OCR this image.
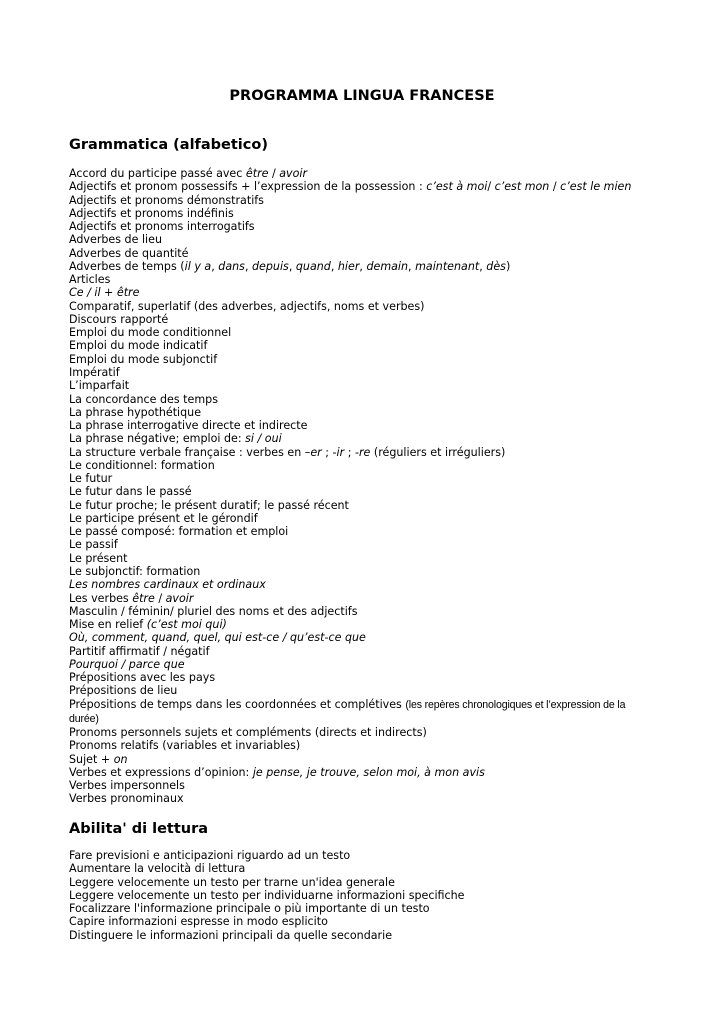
PROGRAMMA LINGUA FRANCESE
Grammatica (alfabetico)
Accord du participe passé avec être / avoir
Adjectifs et pronom possessifs + l’expression de la possession : c’est à moi/ c’est mon / c’est le mien
Adjectifs et pronoms démonstratifs
Adjectifs et pronoms indéfinis
Adjectifs et pronoms interrogatifs
Adverbes de lieu
Adverbes de quantité
Adverbes de temps (il y a, dans, depuis, quand, hier, demain, maintenant, dès)
Articles
Ce / il + être
Comparatif, superlatif (des adverbes, adjectifs, noms et verbes)
Discours rapporté
Emploi du mode conditionnel
Emploi du mode indicatif
Emploi du mode subjonctif
Impératif
L’imparfait
La concordance des temps
La phrase hypothétique
La phrase interrogative directe et indirecte
La phrase négative; emploi de: si / oui
La structure verbale française : verbes en –er ; -ir ; -re (réguliers et irréguliers)
Le conditionnel: formation
Le futur
Le futur dans le passé
Le futur proche; le présent duratif; le passé récent
Le participe présent et le gérondif
Le passé composé: formation et emploi
Le passif
Le présent
Le subjonctif: formation
Les nombres cardinaux et ordinaux
Les verbes être / avoir
Masculin / féminin/ pluriel des noms et des adjectifs
Mise en relief (c’est moi qui)
Où, comment, quand, quel, qui est-ce / qu’est-ce que
Partitif affirmatif / négatif
Pourquoi / parce que
Prépositions avec les pays
Prépositions de lieu
Prépositions de temps dans les coordonnées et complétives (les repères chronologiques et l’expression de la durée)
Pronoms personnels sujets et compléments (directs et indirects)
Pronoms relatifs (variables et invariables)
Sujet + on
Verbes et expressions d’opinion: je pense, je trouve, selon moi, à mon avis
Verbes impersonnels
Verbes pronominaux
Abilita' di lettura
Fare previsioni e anticipazioni riguardo ad un testo
Aumentare la velocità di lettura
Leggere velocemente un testo per trarne un'idea generale
Leggere velocemente un testo per individuarne informazioni specifiche
Focalizzare l'informazione principale o più importante di un testo
Capire informazioni espresse in modo esplicito
Distinguere le informazioni principali da quelle secondarie
